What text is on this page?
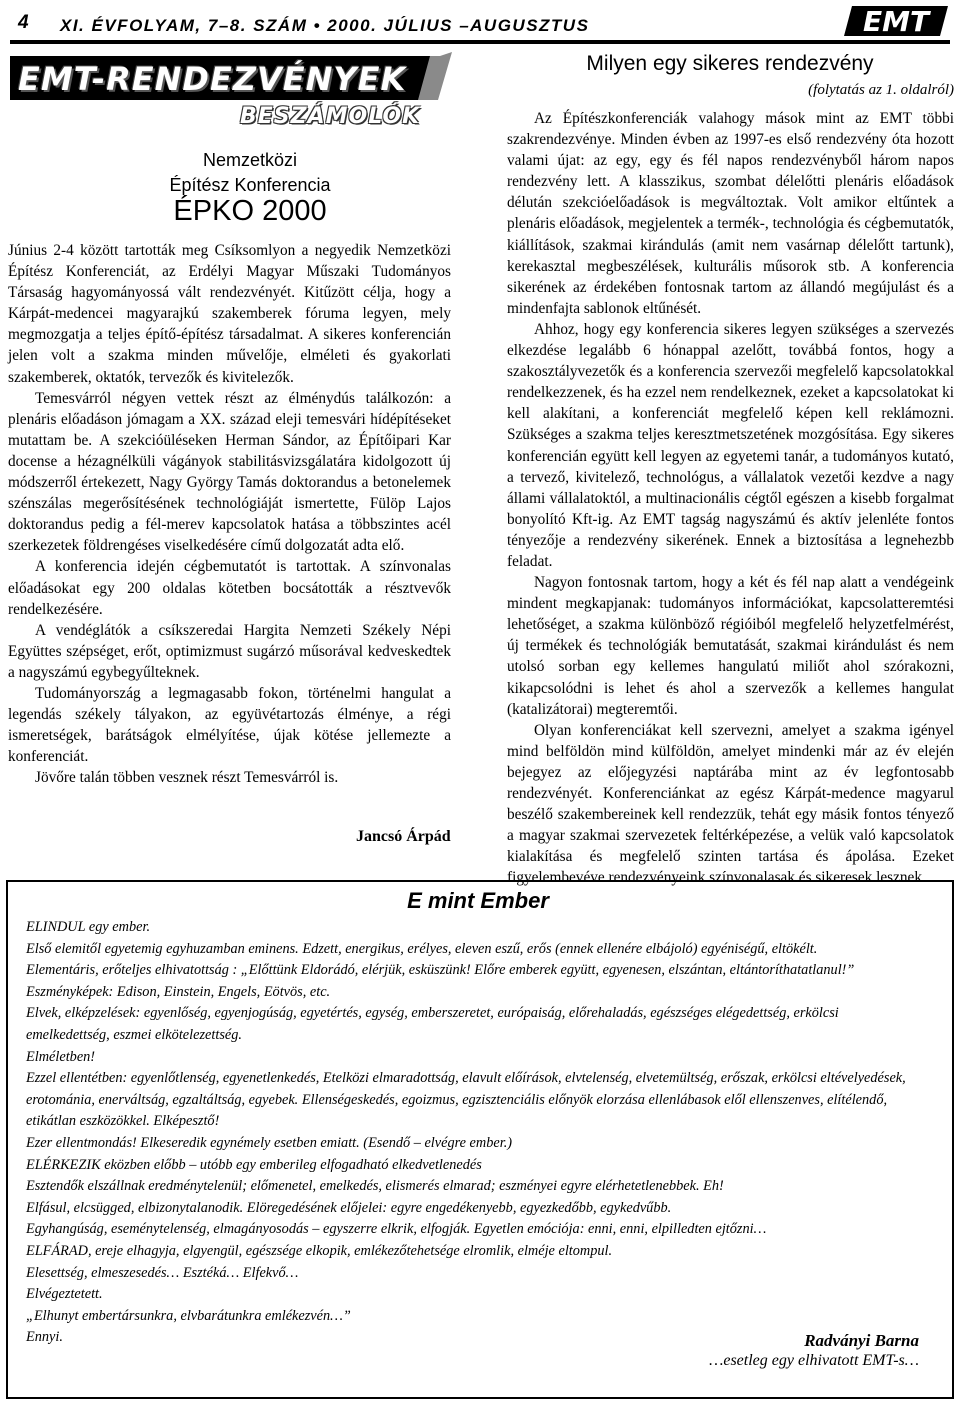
4	XI. ÉVFOLYAM, 7–8. SZÁM • 2000. JÚLIUS –AUGUSZTUS	EMT
EMT-RENDEZVÉNYEK
BESZÁMOLÓK
Nemzetközi
Építész Konferencia
ÉPKO 2000

Június 2-4 között tartották meg Csíksomlyon a negyedik Nemzetközi Építész Konferenciát, az Erdélyi Magyar Műszaki Tudományos Társaság hagyományossá vált rendezvényét. Kitűzött célja, hogy a Kárpát-medencei magyarajkú szakemberek fóruma legyen, mely megmozgatja a teljes építő-építész társadalmat. A sikeres konferencián jelen volt a szakma minden művelője, elméleti és gyakorlati szakemberek, oktatók, tervezők és kivitelezők.

Temesvárról négyen vettek részt az élménydús találkozón: a plenáris előadáson jómagam a XX. század eleji temesvári hídépítéseket mutattam be. A szekcióüléseken Herman Sándor, az Építőipari Kar docense a hézagnélküli vágányok stabilitásvizsgálatára kidolgozott új módszerről értekezett, Nagy György Tamás doktorandus a betonelemek szénszálas megerősítésének technológiáját ismertette, Fülöp Lajos doktorandus pedig a fél-merev kapcsolatok hatása a többszintes acél szerkezetek földrengéses viselkedésére című dolgozatát adta elő.

A konferencia idején cégbemutatót is tartottak. A színvonalas előadásokat egy 200 oldalas kötetben bocsátották a résztvevők rendelkezésére.

A vendéglátók a csíkszeredai Hargita Nemzeti Székely Népi Együttes szépséget, erőt, optimizmust sugárzó műsorával kedveskedtek a nagyszámú egybegyűlteknek.

Tudományország a legmagasabb fokon, történelmi hangulat a legendás székely tályakon, az együvétartozás élménye, a régi ismeretségek, barátságok elmélyítése, újak kötése jellemezte a konferenciát.

Jövőre talán többen vesznek részt Temesvárról is.

Jancsó Árpád
Milyen egy sikeres rendezvény
(folytatás az 1. oldalról)

Az Építészkonferenciák valahogy mások mint az EMT többi szakrendezvénye. Minden évben az 1997-es első rendezvény óta hozott valami újat: az egy, egy és fél napos rendezvényből három napos rendezvény lett. A klasszikus, szombat délelőtti plenáris előadások délután szekcióelőadások is megváltoztak. Volt amikor eltűntek a plenáris előadások, megjelentek a termék-, technológia és cégbemutatók, kiállítások, szakmai kirándulás (amit nem vasárnap délelőtt tartunk), kerekasztal megbeszélések, kulturális műsorok stb. A konferencia sikerének az érdekében fontosnak tartom az állandó megújulást és a mindenfajta sablonok eltűnését.

Ahhoz, hogy egy konferencia sikeres legyen szükséges a szervezés elkezdése legalább 6 hónappal azelőtt, továbbá fontos, hogy a szakosztályvezetők és a konferencia szervezői megfelelő kapcsolatokkal rendelkezzenek, és ha ezzel nem rendelkeznek, ezeket a kapcsolatokat ki kell alakítani, a konferenciát megfelelő képen kell reklámozni. Szükséges a szakma teljes keresztmetszetének mozgósítása. Egy sikeres konferencián együtt kell legyen az egyetemi tanár, a tudományos kutató, a tervező, kivitelező, technológus, a vállalatok vezetői kezdve a nagy állami vállalatoktól, a multinacionális cégtől egészen a kisebb forgalmat bonyolító Kft-ig. Az EMT tagság nagyszámú és aktív jelenléte fontos tényezője a rendezvény sikerének. Ennek a biztosítása a legnehezbb feladat.

Nagyon fontosnak tartom, hogy a két és fél nap alatt a vendégeink mindent megkapjanak: tudományos információkat, kapcsolatteremtési lehetőséget, a szakma különböző régióiból megfelelő helyzetfelmérést, új termékek és technológiák bemutatását, szakmai kirándulást és nem utolsó sorban egy kellemes hangulatú miliőt ahol szórakozni, kikapcsolódni is lehet és ahol a szervezők a kellemes hangulat (katalizátorai) megteremtői.

Olyan konferenciákat kell szervezni, amelyet a szakma igényel mind belföldön mind külföldön, amelyet mindenki már az év elején bejegyez az előjegyzési naptárába mint az év legfontosabb rendezvényét. Konferenciánkat az egész Kárpát-medence magyarul beszélő szakembereinek kell rendezzük, tehát egy másik fontos tényező a magyar szakmai szervezetek feltérképezése, a velük való kapcsolatok kialakítása és megfelelő szinten tartása és ápolása. Ezeket figyelembevéve rendezvényeink színvonalasak és sikeresek lesznek.

E mint Ember
ELINDUL egy ember.
Első elemitől egyetemig egyhuzamban eminens. Edzett, energikus, erélyes, eleven eszű, erős (ennek ellenére elbájoló) egyéniségű, eltökélt.
Elementáris, erőteljes elhivatottság : „Előttünk Eldorádó, elérjük, esküszünk! Előre emberek együtt, egyenesen, elszántan, eltántoríthatatlanul!”
Eszményképek: Edison, Einstein, Engels, Eötvös, etc.
Elvek, elképzelések: egyenlőség, egyenjogúság, egyetértés, egység, emberszeretet, európaiság, előrehaladás, egészséges elégedettség, erkölcsi emelkedettség, eszmei elkötelezettség.
Elméletben!
Ezzel ellentétben: egyenlőtlenség, egyenetlenkedés, Etelközi elmaradottság, elavult előírások, elvtelenség, elvetemültség, erőszak, erkölcsi eltévelyedések, erotománia, enerváltság, egzaltáltság, egyebek. Ellenségeskedés, egoizmus, egzisztenciális előnyök elorzása ellenlábasok elől ellenszenves, elítélendő, etikátlan eszközökkel. Elképesztő!
Ezer ellentmondás! Elkeseredik egynémely esetben emiatt. (Esendő – elvégre ember.)
ELÉRKEZIK eközben előbb – utóbb egy emberileg elfogadható elkedvetlenedés
Esztendők elszállnak eredménytelenül; előmenetel, emelkedés, elismerés elmarad; eszményei egyre elérhetetlenebbek. Eh!
Elfásul, elcsügged, elbizonytalanodik. Elöregedésének előjelei: egyre engedékenyebb, egyezkedőbb, egykedvűbb.
Egyhangúság, eseménytelenség, elmagányosodás – egyszerre elkrik, elfogják. Egyetlen emóciója: enni, enni, elpilledten ejtőzni…
ELFÁRAD, ereje elhagyja, elgyengül, egészsége elkopik, emlékezőtehetsége elromlik, elméje eltompul.
Elesettség, elmeszesedés… Esztéká… Elfekvő…
Elvégeztetett.
„Elhunyt embertársunkra, elvbarátunkra emlékezvén…”
Ennyi.	Radványi Barna
…esetleg egy elhivatott EMT-s…
